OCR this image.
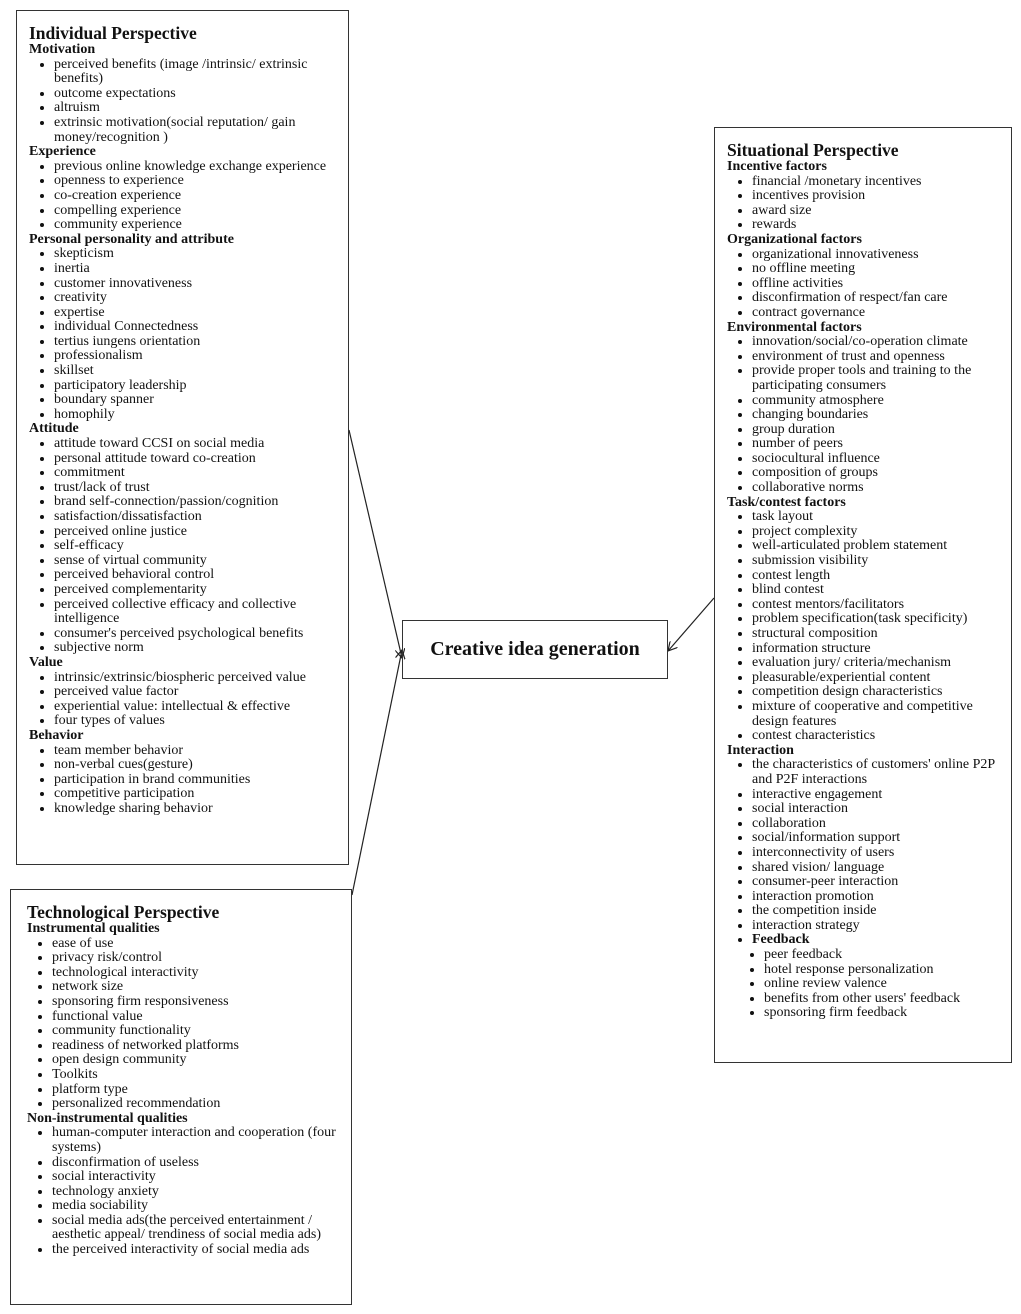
Individual Perspective
Motivation
• perceived benefits (image /intrinsic/ extrinsic benefits)
• outcome expectations
• altruism
• extrinsic motivation(social reputation/ gain money/recognition )
Experience
• previous online knowledge exchange experience
• openness to experience
• co-creation experience
• compelling experience
• community experience
Personal personality and attribute
• skepticism
• inertia
• customer innovativeness
• creativity
• expertise
• individual Connectedness
• tertius iungens orientation
• professionalism
• skillset
• participatory leadership
• boundary spanner
• homophily
Attitude
• attitude toward CCSI on social media
• personal attitude toward co-creation
• commitment
• trust/lack of trust
• brand self-connection/passion/cognition
• satisfaction/dissatisfaction
• perceived online justice
• self-efficacy
• sense of virtual community
• perceived behavioral control
• perceived complementarity
• perceived collective efficacy and collective intelligence
• consumer's perceived psychological benefits
• subjective norm
Value
• intrinsic/extrinsic/biospheric perceived value
• perceived value factor
• experiential value: intellectual & effective
• four types of values
Behavior
• team member behavior
• non-verbal cues(gesture)
• participation in brand communities
• competitive participation
• knowledge sharing behavior
Situational Perspective
Incentive factors
• financial /monetary incentives
• incentives provision
• award size
• rewards
Organizational factors
• organizational innovativeness
• no offline meeting
• offline activities
• disconfirmation of respect/fan care
• contract governance
Environmental factors
• innovation/social/co-operation climate
• environment of trust and openness
• provide proper tools and training to the participating consumers
• community atmosphere
• changing boundaries
• group duration
• number of peers
• sociocultural influence
• composition of groups
• collaborative norms
Task/contest factors
• task layout
• project complexity
• well-articulated problem statement
• submission visibility
• contest length
• blind contest
• contest mentors/facilitators
• problem specification(task specificity)
• structural composition
• information structure
• evaluation jury/ criteria/mechanism
• pleasurable/experiential content
• competition design characteristics
• mixture of cooperative and competitive design features
• contest characteristics
Interaction
• the characteristics of customers' online P2P and P2F interactions
• interactive engagement
• social interaction
• collaboration
• social/information support
• interconnectivity of users
• shared vision/ language
• consumer-peer interaction
• interaction promotion
• the competition inside
• interaction strategy
• Feedback
• peer feedback
• hotel response personalization
• online review valence
• benefits from other users' feedback
• sponsoring firm feedback
Technological Perspective
Instrumental qualities
• ease of use
• privacy risk/control
• technological interactivity
• network size
• sponsoring firm responsiveness
• functional value
• community functionality
• readiness of networked platforms
• open design community
• Toolkits
• platform type
• personalized recommendation
Non-instrumental qualities
• human-computer interaction and cooperation (four systems)
• disconfirmation of useless
• social interactivity
• technology anxiety
• media sociability
• social media ads(the perceived entertainment / aesthetic appeal/ trendiness of social media ads)
• the perceived interactivity of social media ads
Creative idea generation
